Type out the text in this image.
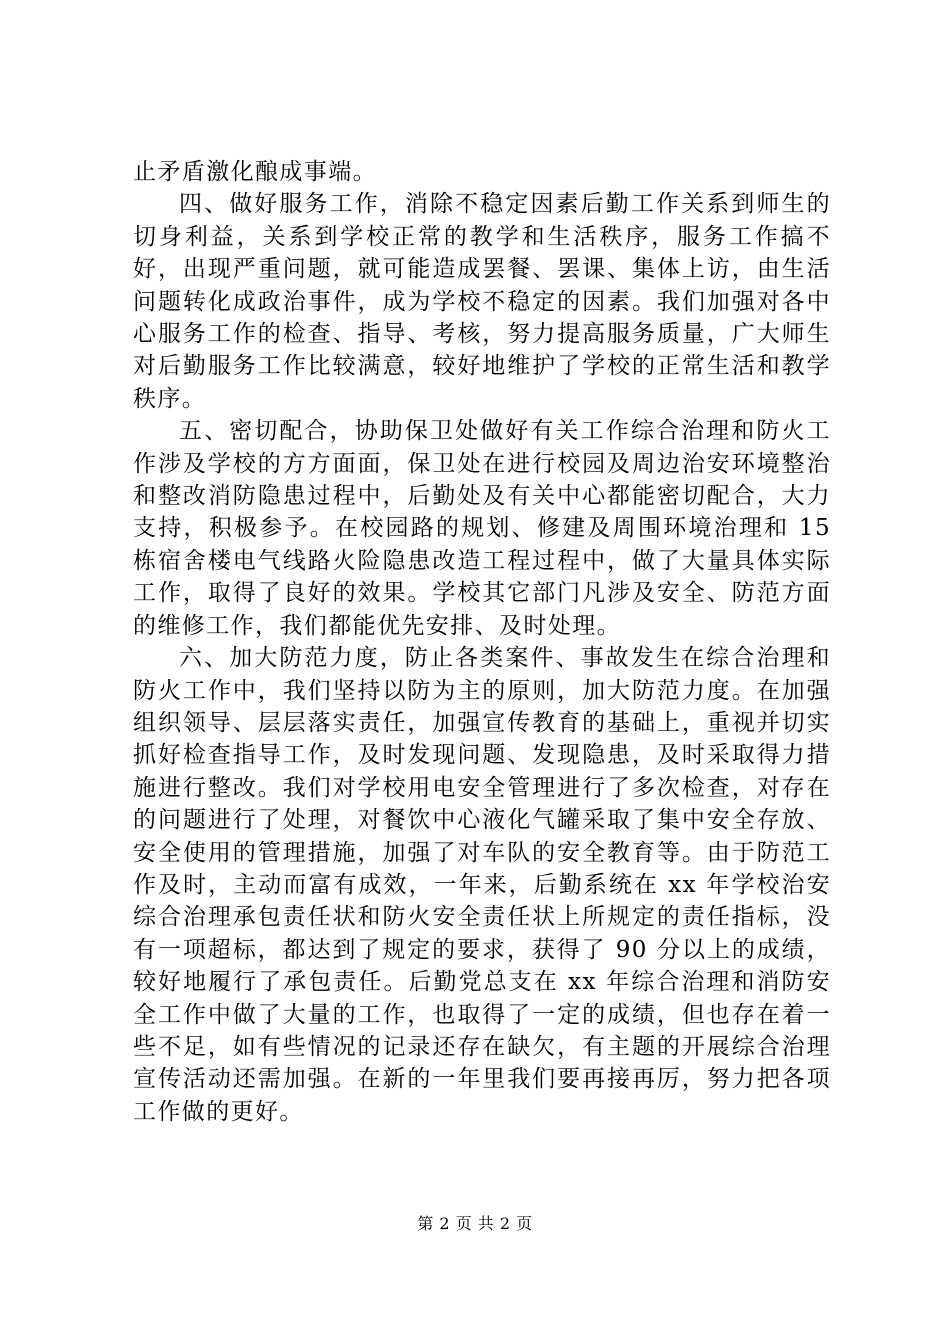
止矛盾激化酿成事端。

四、做好服务工作，消除不稳定因素后勤工作关系到师生的切身利益，关系到学校正常的教学和生活秩序，服务工作搞不好，出现严重问题，就可能造成罢餐、罢课、集体上访，由生活问题转化成政治事件，成为学校不稳定的因素。我们加强对各中心服务工作的检查、指导、考核，努力提高服务质量，广大师生对后勤服务工作比较满意，较好地维护了学校的正常生活和教学秩序。

五、密切配合，协助保卫处做好有关工作综合治理和防火工作涉及学校的方方面面，保卫处在进行校园及周边治安环境整治和整改消防隐患过程中，后勤处及有关中心都能密切配合，大力支持，积极参予。在校园路的规划、修建及周围环境治理和 15 栋宿舍楼电气线路火险隐患改造工程过程中，做了大量具体实际工作，取得了良好的效果。学校其它部门凡涉及安全、防范方面的维修工作，我们都能优先安排、及时处理。

六、加大防范力度，防止各类案件、事故发生在综合治理和防火工作中，我们坚持以防为主的原则，加大防范力度。在加强组织领导、层层落实责任，加强宣传教育的基础上，重视并切实抓好检查指导工作，及时发现问题、发现隐患，及时采取得力措施进行整改。我们对学校用电安全管理进行了多次检查，对存在的问题进行了处理，对餐饮中心液化气罐采取了集中安全存放、安全使用的管理措施，加强了对车队的安全教育等。由于防范工作及时，主动而富有成效，一年来，后勤系统在 xx 年学校治安综合治理承包责任状和防火安全责任状上所规定的责任指标，没有一项超标，都达到了规定的要求，获得了 90 分以上的成绩，较好地履行了承包责任。后勤党总支在 xx 年综合治理和消防安全工作中做了大量的工作，也取得了一定的成绩，但也存在着一些不足，如有些情况的记录还存在缺欠，有主题的开展综合治理宣传活动还需加强。在新的一年里我们要再接再厉，努力把各项工作做的更好。

第 2 页 共 2 页
